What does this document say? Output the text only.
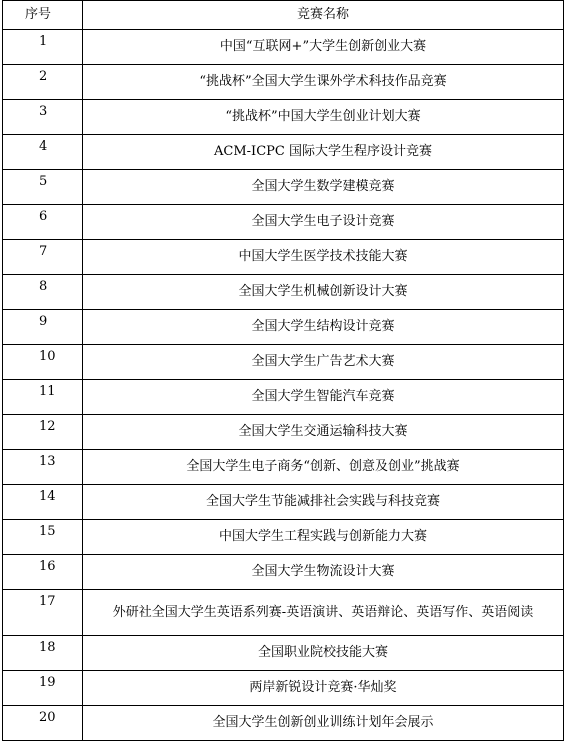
序号	竞赛名称
1	中国“互联网+”大学生创新创业大赛
2	“挑战杯”全国大学生课外学术科技作品竞赛
3	“挑战杯”中国大学生创业计划大赛
4	ACM-ICPC 国际大学生程序设计竞赛
5	全国大学生数学建模竞赛
6	全国大学生电子设计竞赛
7	中国大学生医学技术技能大赛
8	全国大学生机械创新设计大赛
9	全国大学生结构设计竞赛
10	全国大学生广告艺术大赛
11	全国大学生智能汽车竞赛
12	全国大学生交通运输科技大赛
13	全国大学生电子商务“创新、创意及创业”挑战赛
14	全国大学生节能减排社会实践与科技竞赛
15	中国大学生工程实践与创新能力大赛
16	全国大学生物流设计大赛
17	外研社全国大学生英语系列赛-英语演讲、英语辩论、英语写作、英语阅读
18	全国职业院校技能大赛
19	两岸新锐设计竞赛·华灿奖
20	全国大学生创新创业训练计划年会展示
